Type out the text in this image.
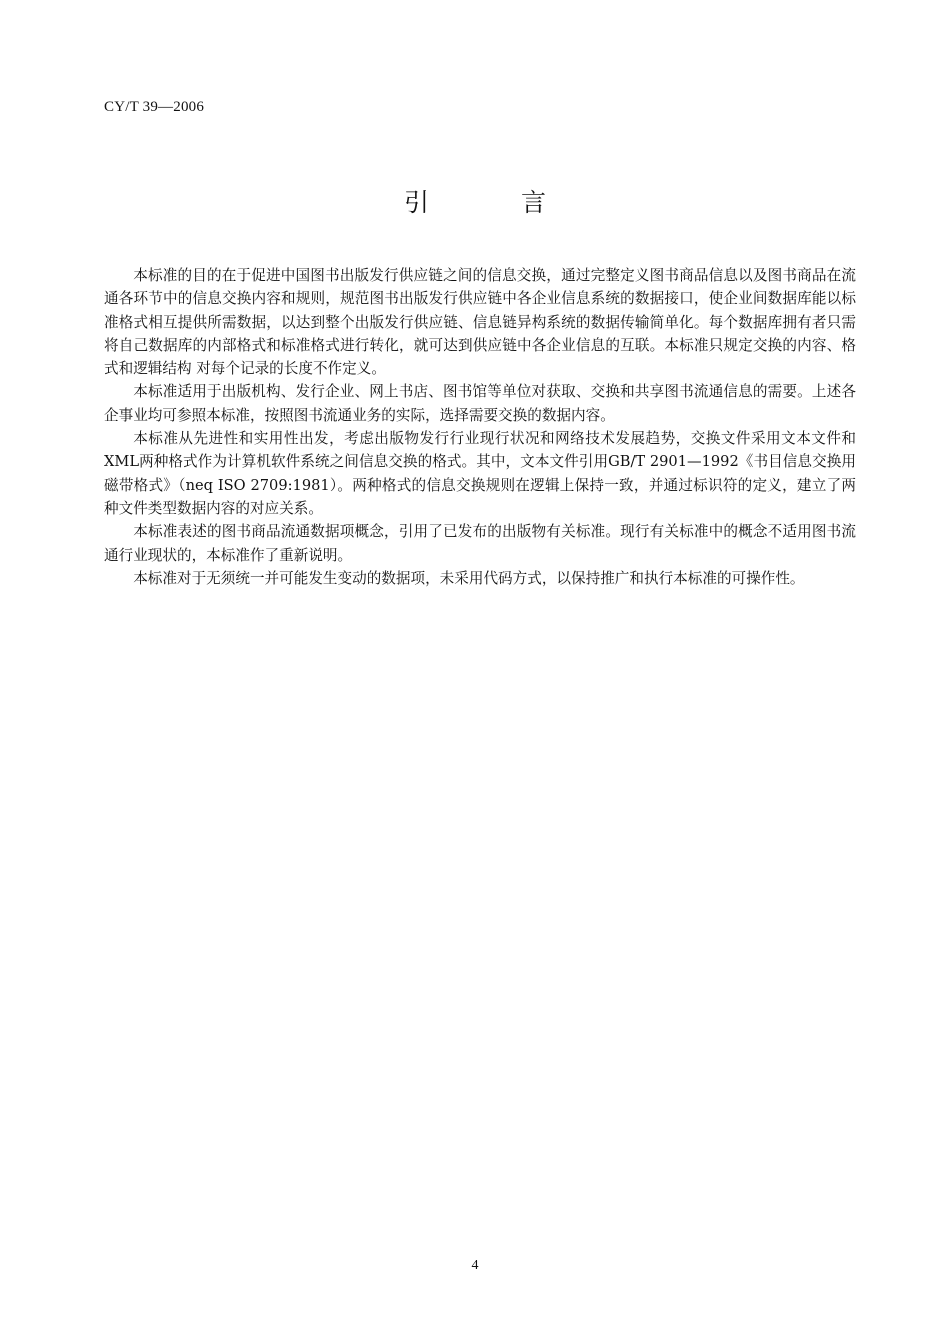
CY/T 39—2006
引 言

本标准的目的在于促进中国图书出版发行供应链之间的信息交换，通过完整定义图书商品信息以及图书商品在流通各环节中的信息交换内容和规则，规范图书出版发行供应链中各企业信息系统的数据接口，使企业间数据库能以标准格式相互提供所需数据，以达到整个出版发行供应链、信息链异构系统的数据传输简单化。每个数据库拥有者只需将自己数据库的内部格式和标准格式进行转化，就可达到供应链中各企业信息的互联。本标准只规定交换的内容、格式和逻辑结构 对每个记录的长度不作定义。

本标准适用于出版机构、发行企业、网上书店、图书馆等单位对获取、交换和共享图书流通信息的需要。上述各企事业均可参照本标准，按照图书流通业务的实际，选择需要交换的数据内容。

本标准从先进性和实用性出发，考虑出版物发行行业现行状况和网络技术发展趋势，交换文件采用文本文件和XML两种格式作为计算机软件系统之间信息交换的格式。其中，文本文件引用GB/T 2901—1992《书目信息交换用磁带格式》（neq ISO 2709:1981）。两种格式的信息交换规则在逻辑上保持一致，并通过标识符的定义，建立了两种文件类型数据内容的对应关系。

本标准表述的图书商品流通数据项概念，引用了已发布的出版物有关标准。现行有关标准中的概念不适用图书流通行业现状的，本标准作了重新说明。

本标准对于无须统一并可能发生变动的数据项，未采用代码方式，以保持推广和执行本标准的可操作性。

4
